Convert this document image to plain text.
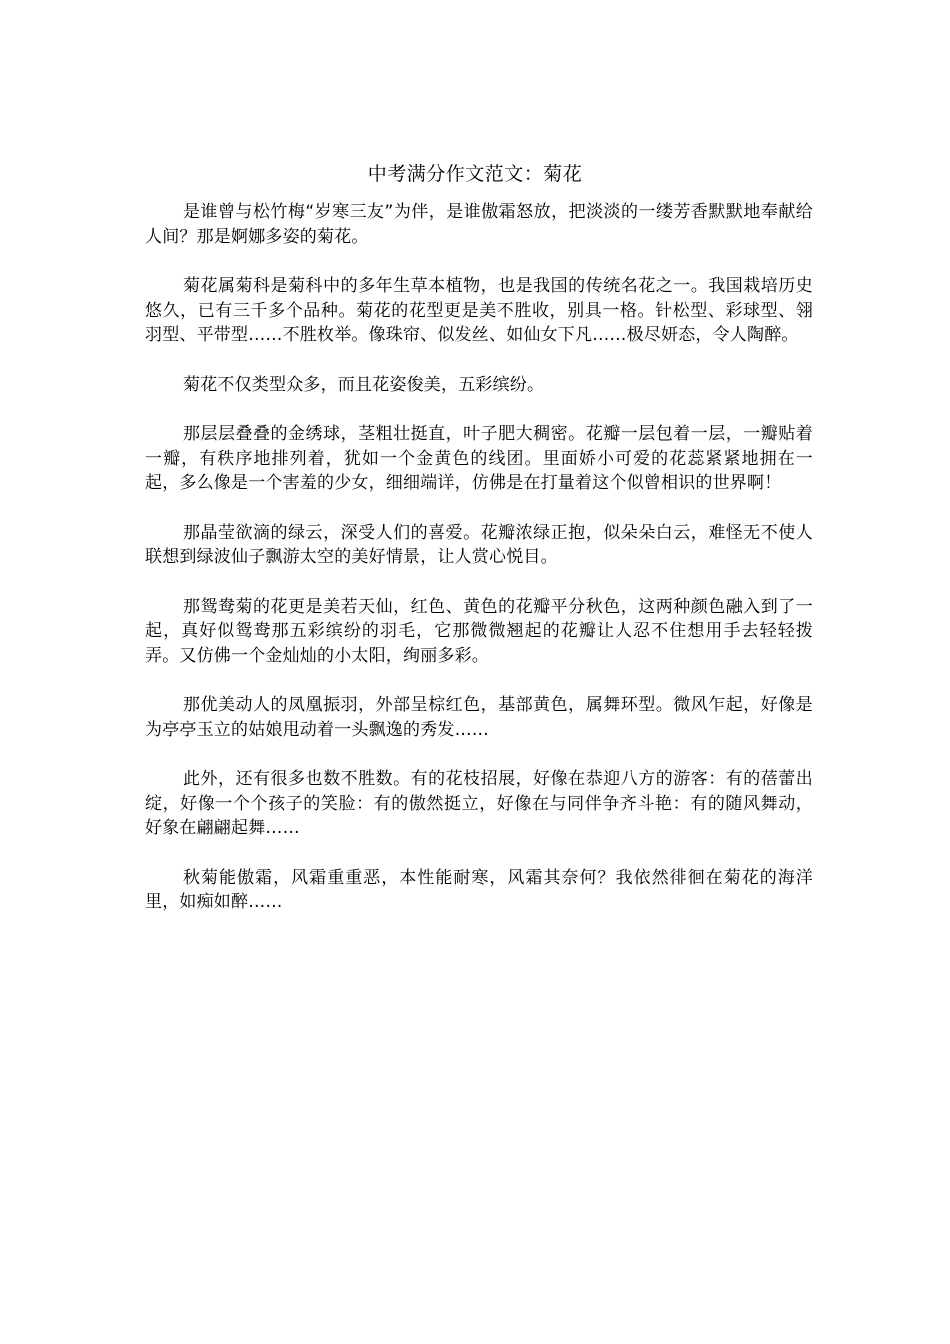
中考满分作文范文：菊花

是谁曾与松竹梅“岁寒三友”为伴，是谁傲霜怒放，把淡淡的一缕芳香默默地奉献给人间？那是婀娜多姿的菊花。

菊花属菊科是菊科中的多年生草本植物，也是我国的传统名花之一。我国栽培历史悠久，已有三千多个品种。菊花的花型更是美不胜收，别具一格。针松型、彩球型、翎羽型、平带型……不胜枚举。像珠帘、似发丝、如仙女下凡……极尽妍态，令人陶醉。

菊花不仅类型众多，而且花姿俊美，五彩缤纷。

那层层叠叠的金绣球，茎粗壮挺直，叶子肥大稠密。花瓣一层包着一层，一瓣贴着一瓣，有秩序地排列着，犹如一个金黄色的线团。里面娇小可爱的花蕊紧紧地拥在一起，多么像是一个害羞的少女，细细端详，仿佛是在打量着这个似曾相识的世界啊！

那晶莹欲滴的绿云，深受人们的喜爱。花瓣浓绿正抱，似朵朵白云，难怪无不使人联想到绿波仙子飘游太空的美好情景，让人赏心悦目。

那鸳鸯菊的花更是美若天仙，红色、黄色的花瓣平分秋色，这两种颜色融入到了一起，真好似鸳鸯那五彩缤纷的羽毛，它那微微翘起的花瓣让人忍不住想用手去轻轻拨弄。又仿佛一个金灿灿的小太阳，绚丽多彩。

那优美动人的凤凰振羽，外部呈棕红色，基部黄色，属舞环型。微风乍起，好像是为亭亭玉立的姑娘甩动着一头飘逸的秀发……

此外，还有很多也数不胜数。有的花枝招展，好像在恭迎八方的游客：有的蓓蕾出绽，好像一个个孩子的笑脸：有的傲然挺立，好像在与同伴争齐斗艳：有的随风舞动，好象在翩翩起舞……

秋菊能傲霜，风霜重重恶，本性能耐寒，风霜其奈何？我依然徘徊在菊花的海洋里，如痴如醉……
